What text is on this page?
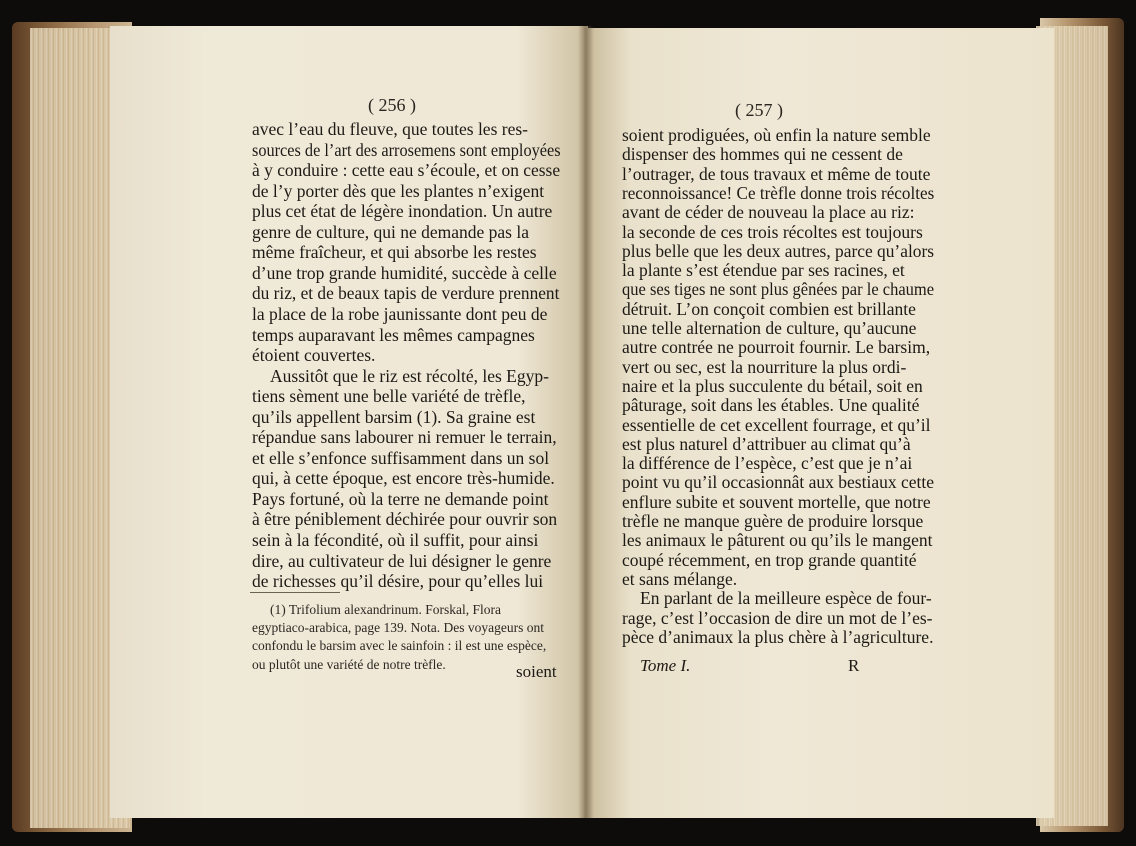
( 256 )
avec l’eau du fleuve, que toutes les res-
sources de l’art des arrosemens sont employées
à y conduire : cette eau s’écoule, et on cesse
de l’y porter dès que les plantes n’exigent
plus cet état de légère inondation. Un autre
genre de culture, qui ne demande pas la
même fraîcheur, et qui absorbe les restes
d’une trop grande humidité, succède à celle
du riz, et de beaux tapis de verdure prennent
la place de la robe jaunissante dont peu de
temps auparavant les mêmes campagnes
étoient couvertes.
Aussitôt que le riz est récolté, les Egyp-
tiens sèment une belle variété de trèfle,
qu’ils appellent barsim (1). Sa graine est
répandue sans labourer ni remuer le terrain,
et elle s’enfonce suffisamment dans un sol
qui, à cette époque, est encore très-humide.
Pays fortuné, où la terre ne demande point
à être péniblement déchirée pour ouvrir son
sein à la fécondité, où il suffit, pour ainsi
dire, au cultivateur de lui désigner le genre
de richesses qu’il désire, pour qu’elles lui
(1) Trifolium alexandrinum. Forskal, Flora
egyptiaco-arabica, page 139. Nota. Des voyageurs ont
confondu le barsim avec le sainfoin : il est une espèce,
ou plutôt une variété de notre trèfle.	soient
( 257 )
soient prodiguées, où enfin la nature semble
dispenser des hommes qui ne cessent de
l’outrager, de tous travaux et même de toute
reconnoissance! Ce trèfle donne trois récoltes
avant de céder de nouveau la place au riz:
la seconde de ces trois récoltes est toujours
plus belle que les deux autres, parce qu’alors
la plante s’est étendue par ses racines, et
que ses tiges ne sont plus gênées par le chaume
détruit. L’on conçoit combien est brillante
une telle alternation de culture, qu’aucune
autre contrée ne pourroit fournir. Le barsim,
vert ou sec, est la nourriture la plus ordi-
naire et la plus succulente du bétail, soit en
pâturage, soit dans les étables. Une qualité
essentielle de cet excellent fourrage, et qu’il
est plus naturel d’attribuer au climat qu’à
la différence de l’espèce, c’est que je n’ai
point vu qu’il occasionnât aux bestiaux cette
enflure subite et souvent mortelle, que notre
trèfle ne manque guère de produire lorsque
les animaux le pâturent ou qu’ils le mangent
coupé récemment, en trop grande quantité
et sans mélange.
En parlant de la meilleure espèce de four-
rage, c’est l’occasion de dire un mot de l’es-
pèce d’animaux la plus chère à l’agriculture.
Tome I.	R
